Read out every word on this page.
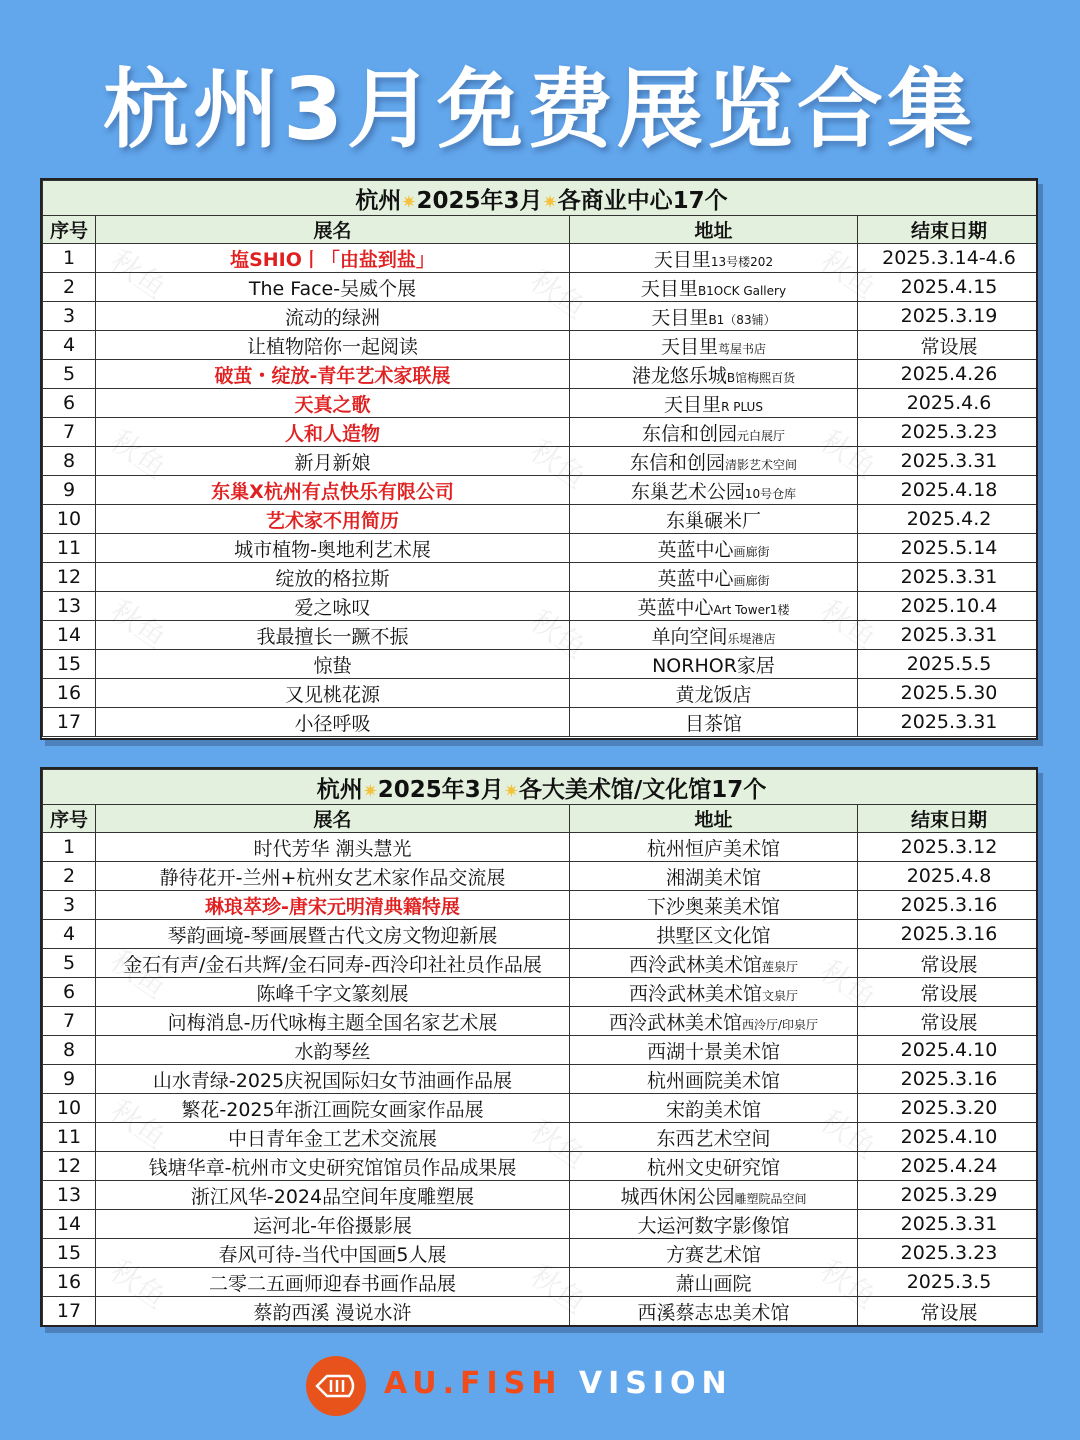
杭州3月免费展览合集
杭州✷2025年3月✷各商业中心17个			
序号	展名	地址	结束日期
1	塩SHIO丨「由盐到盐」	天目里13号楼202	2025.3.14-4.6
2	The Face-吴威个展	天目里B1OCK Gallery	2025.4.15
3	流动的绿洲	天目里B1（83铺）	2025.3.19
4	让植物陪你一起阅读	天目里茑屋书店	常设展
5	破茧・绽放-青年艺术家联展	港龙悠乐城B馆梅熙百货	2025.4.26
6	天真之歌	天目里R PLUS	2025.4.6
7	人和人造物	东信和创园元白展厅	2025.3.23
8	新月新娘	东信和创园清影艺术空间	2025.3.31
9	东巢X杭州有点快乐有限公司	东巢艺术公园10号仓库	2025.4.18
10	艺术家不用简历	东巢碾米厂	2025.4.2
11	城市植物-奥地利艺术展	英蓝中心画廊街	2025.5.14
12	绽放的格拉斯	英蓝中心画廊街	2025.3.31
13	爱之咏叹	英蓝中心Art Tower1楼	2025.10.4
14	我最擅长一蹶不振	单向空间乐堤港店	2025.3.31
15	惊蛰	NORHOR家居	2025.5.5
16	又见桃花源	黄龙饭店	2025.5.30
17	小径呼吸	目茶馆	2025.3.31
杭州✷2025年3月✷各大美术馆/文化馆17个			
序号	展名	地址	结束日期
1	时代芳华 潮头慧光	杭州恒庐美术馆	2025.3.12
2	静待花开-兰州+杭州女艺术家作品交流展	湘湖美术馆	2025.4.8
3	琳琅萃珍-唐宋元明清典籍特展	下沙奥莱美术馆	2025.3.16
4	琴韵画境-琴画展暨古代文房文物迎新展	拱墅区文化馆	2025.3.16
5	金石有声/金石共辉/金石同寿-西泠印社社员作品展	西泠武林美术馆莲泉厅	常设展
6	陈峰千字文篆刻展	西泠武林美术馆文泉厅	常设展
7	问梅消息-历代咏梅主题全国名家艺术展	西泠武林美术馆西泠厅/印泉厅	常设展
8	水韵琴丝	西湖十景美术馆	2025.4.10
9	山水青绿-2025庆祝国际妇女节油画作品展	杭州画院美术馆	2025.3.16
10	繁花-2025年浙江画院女画家作品展	宋韵美术馆	2025.3.20
11	中日青年金工艺术交流展	东西艺术空间	2025.4.10
12	钱塘华章-杭州市文史研究馆馆员作品成果展	杭州文史研究馆	2025.4.24
13	浙江风华-2024品空间年度雕塑展	城西休闲公园雕塑院品空间	2025.3.29
14	运河北-年俗摄影展	大运河数字影像馆	2025.3.31
15	春风可待-当代中国画5人展	方赛艺术馆	2025.3.23
16	二零二五画师迎春书画作品展	萧山画院	2025.3.5
17	蔡韵西溪 漫说水浒	西溪蔡志忠美术馆	常设展
AU.FISH VISION
